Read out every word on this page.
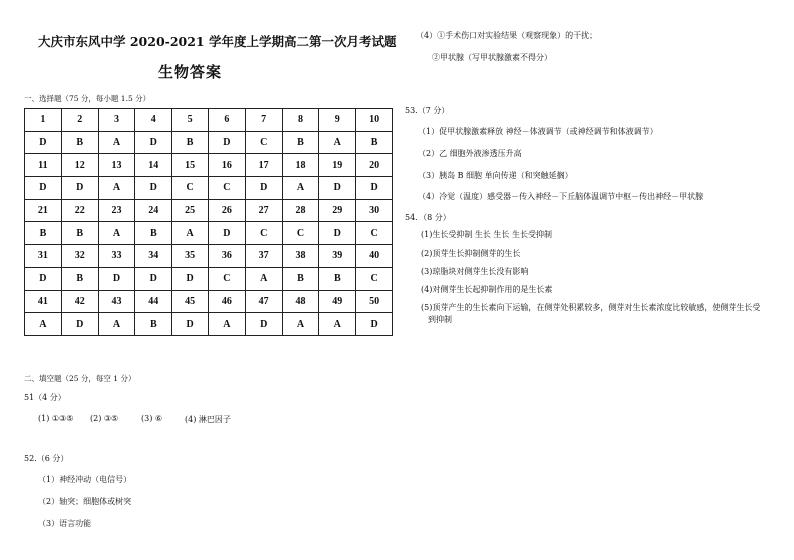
大庆市东风中学 2020-2021 学年度上学期高二第一次月考试题
生物答案
一、选择题（75 分，每小题 1.5 分）
1	2	3	4	5	6	7	8	9	10
D	B	A	D	B	D	C	B	A	B
11	12	13	14	15	16	17	18	19	20
D	D	A	D	C	C	D	A	D	D
21	22	23	24	25	26	27	28	29	30
B	B	A	B	A	D	C	C	D	C
31	32	33	34	35	36	37	38	39	40
D	B	D	D	D	C	A	B	B	C
41	42	43	44	45	46	47	48	49	50
A	D	A	B	D	A	D	A	A	D
二、填空题（25 分，每空 1 分）
51（4 分）
(1) ①③⑤ (2) ③⑤	(3) ⑥	(4) 淋巴因子
52.（6 分）
（1）神经冲动（电信号）
（2）轴突；细胞体或树突
（3）语言功能
（4）①手术伤口对实验结果（观察现象）的干扰；
②甲状腺（写甲状腺激素不得分）
53.（7 分）
（1）促甲状腺激素释放 神经－体液调节（或神经调节和体液调节）
（2）乙 细胞外液渗透压升高
（3）胰岛 B 细胞 单向传递（和突触延搁）
（4）冷觉（温度）感受器－传入神经－下丘脑体温调节中枢－传出神经－甲状腺
54．（8 分）
(1)生长受抑制 生长 生长 生长受抑制
(2)顶芽生长抑制侧芽的生长
(3)琼脂块对侧芽生长没有影响
(4)对侧芽生长起抑制作用的是生长素
(5)顶芽产生的生长素向下运输，在侧芽处积累较多，侧芽对生长素浓度比较敏感，使侧芽生长受
到抑制
